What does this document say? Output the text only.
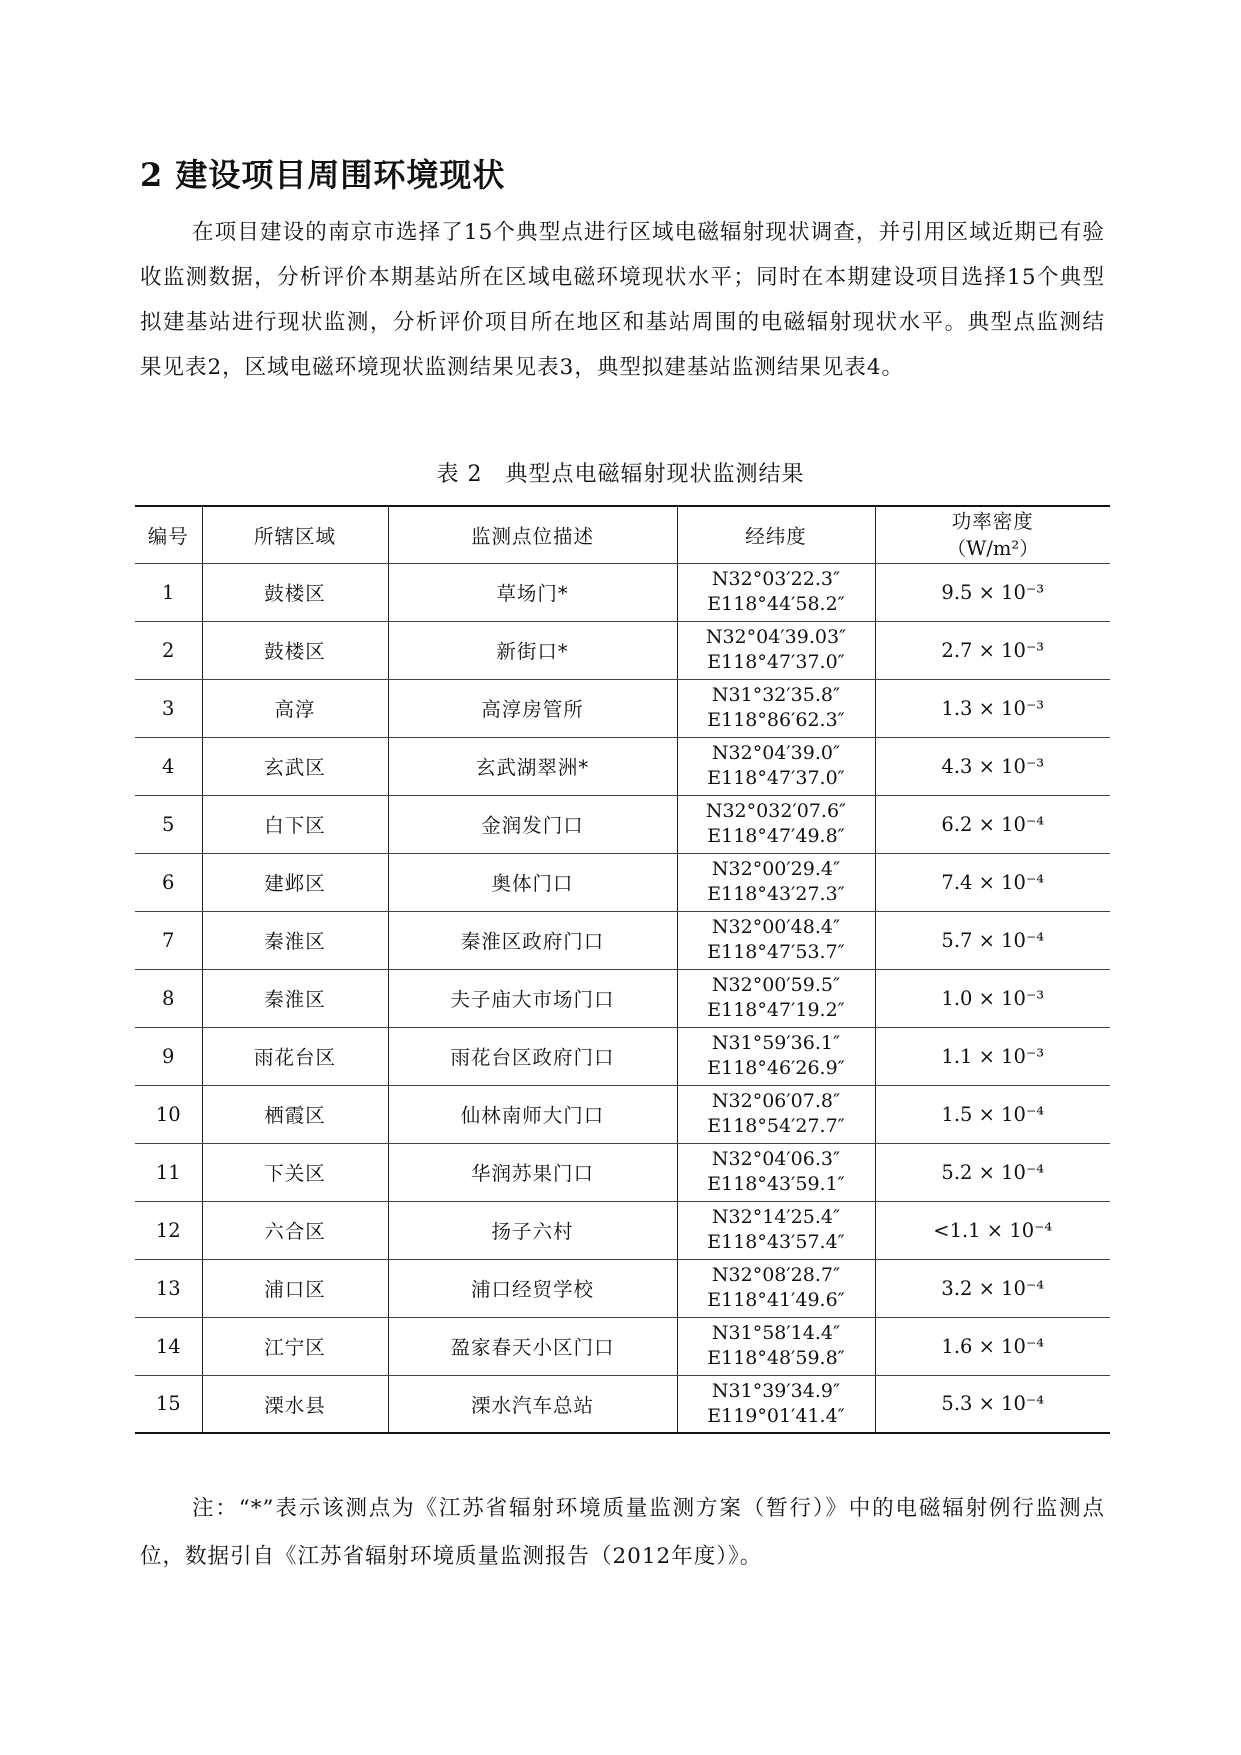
2 建设项目周围环境现状

在项目建设的南京市选择了15个典型点进行区域电磁辐射现状调查，并引用区域近期已有验收监测数据，分析评价本期基站所在区域电磁环境现状水平；同时在本期建设项目选择15个典型拟建基站进行现状监测，分析评价项目所在地区和基站周围的电磁辐射现状水平。典型点监测结果见表2，区域电磁环境现状监测结果见表3，典型拟建基站监测结果见表4。

表 2　典型点电磁辐射现状监测结果
编号	所辖区域	监测点位描述	经纬度	功率密度
（W/m²）

1	鼓楼区	草场门*	N32°03′22.3″
E118°44′58.2″	9.5 × 10⁻³
2	鼓楼区	新街口*	N32°04′39.03″
E118°47′37.0″	2.7 × 10⁻³
3	高淳	高淳房管所	N31°32′35.8″
E118°86′62.3″	1.3 × 10⁻³
4	玄武区	玄武湖翠洲*	N32°04′39.0″
E118°47′37.0″	4.3 × 10⁻³
5	白下区	金润发门口	N32°032′07.6″
E118°47′49.8″	6.2 × 10⁻⁴
6	建邺区	奥体门口	N32°00′29.4″
E118°43′27.3″	7.4 × 10⁻⁴
7	秦淮区	秦淮区政府门口	N32°00′48.4″
E118°47′53.7″	5.7 × 10⁻⁴
8	秦淮区	夫子庙大市场门口	N32°00′59.5″
E118°47′19.2″	1.0 × 10⁻³
9	雨花台区	雨花台区政府门口	N31°59′36.1″
E118°46′26.9″	1.1 × 10⁻³
10	栖霞区	仙林南师大门口	N32°06′07.8″
E118°54′27.7″	1.5 × 10⁻⁴
11	下关区	华润苏果门口	N32°04′06.3″
E118°43′59.1″	5.2 × 10⁻⁴
12	六合区	扬子六村	N32°14′25.4″
E118°43′57.4″	<1.1 × 10⁻⁴
13	浦口区	浦口经贸学校	N32°08′28.7″
E118°41′49.6″	3.2 × 10⁻⁴
14	江宁区	盈家春天小区门口	N31°58′14.4″
E118°48′59.8″	1.6 × 10⁻⁴
15	溧水县	溧水汽车总站	N31°39′34.9″
E119°01′41.4″	5.3 × 10⁻⁴

注：“*”表示该测点为《江苏省辐射环境质量监测方案（暂行）》中的电磁辐射例行监测点位，数据引自《江苏省辐射环境质量监测报告（2012年度）》。
